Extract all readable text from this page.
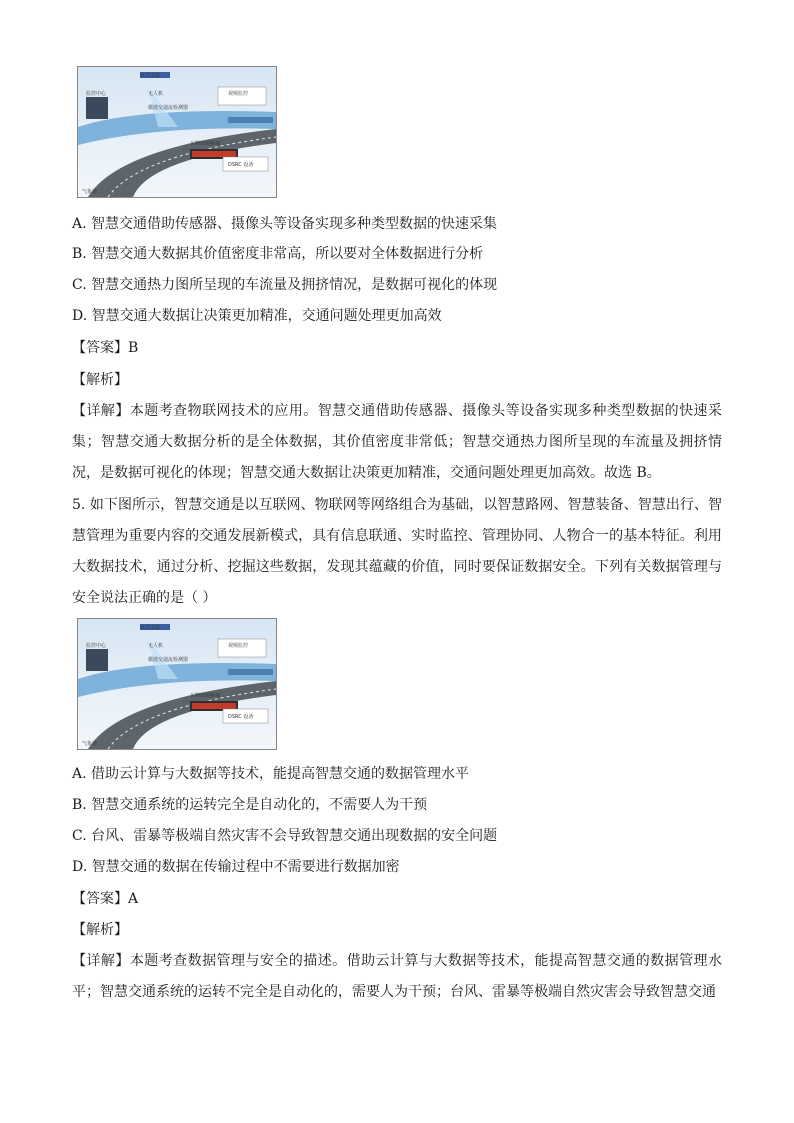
北斗卫星
监控中心	无人机
微波交通流检测器
视频监控
车牌识别系统
DSRC 设备
气象站
A. 智慧交通借助传感器、摄像头等设备实现多种类型数据的快速采集
B. 智慧交通大数据其价值密度非常高，所以要对全体数据进行分析
C. 智慧交通热力图所呈现的车流量及拥挤情况，是数据可视化的体现
D. 智慧交通大数据让决策更加精准，交通问题处理更加高效
【答案】B
【解析】
【详解】本题考查物联网技术的应用。智慧交通借助传感器、摄像头等设备实现多种类型数据的快速采集；智慧交通大数据分析的是全体数据，其价值密度非常低；智慧交通热力图所呈现的车流量及拥挤情况，是数据可视化的体现；智慧交通大数据让决策更加精准，交通问题处理更加高效。故选 B。
5. 如下图所示，智慧交通是以互联网、物联网等网络组合为基础，以智慧路网、智慧装备、智慧出行、智慧管理为重要内容的交通发展新模式，具有信息联通、实时监控、管理协同、人物合一的基本特征。利用大数据技术，通过分析、挖掘这些数据，发现其蕴藏的价值，同时要保证数据安全。下列有关数据管理与安全说法正确的是（ ）
北斗卫星
监控中心	无人机
微波交通流检测器
视频监控
车牌识别系统
DSRC 设备
气象站
A. 借助云计算与大数据等技术，能提高智慧交通的数据管理水平
B. 智慧交通系统的运转完全是自动化的，不需要人为干预
C. 台风、雷暴等极端自然灾害不会导致智慧交通出现数据的安全问题
D. 智慧交通的数据在传输过程中不需要进行数据加密
【答案】A
【解析】
【详解】本题考查数据管理与安全的描述。借助云计算与大数据等技术，能提高智慧交通的数据管理水平；智慧交通系统的运转不完全是自动化的，需要人为干预；台风、雷暴等极端自然灾害会导致智慧交通
